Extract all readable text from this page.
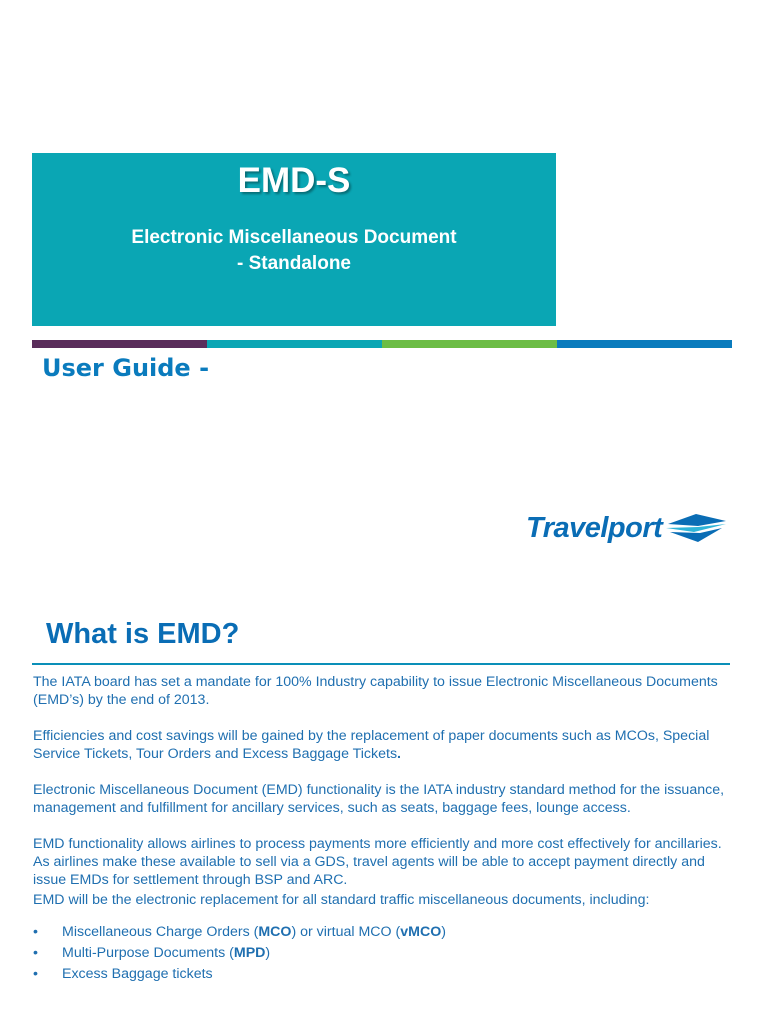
EMD-S
Electronic Miscellaneous Document
- Standalone
User Guide -
Travelport
What is EMD?

The IATA board has set a mandate for 100% Industry capability to issue Electronic Miscellaneous Documents (EMD’s) by the end of 2013.

Efficiencies and cost savings will be gained by the replacement of paper documents such as MCOs, Special Service Tickets, Tour Orders and Excess Baggage Tickets.

Electronic Miscellaneous Document (EMD) functionality is the IATA industry standard method for the issuance, management and fulfillment for ancillary services, such as seats, baggage fees, lounge access.

EMD functionality allows airlines to process payments more efficiently and more cost effectively for ancillaries. As airlines make these available to sell via a GDS, travel agents will be able to accept payment directly and issue EMDs for settlement through BSP and ARC.

EMD will be the electronic replacement for all standard traffic miscellaneous documents, including:

• Miscellaneous Charge Orders (MCO) or virtual MCO (vMCO)
• Multi-Purpose Documents (MPD)
• Excess Baggage tickets
